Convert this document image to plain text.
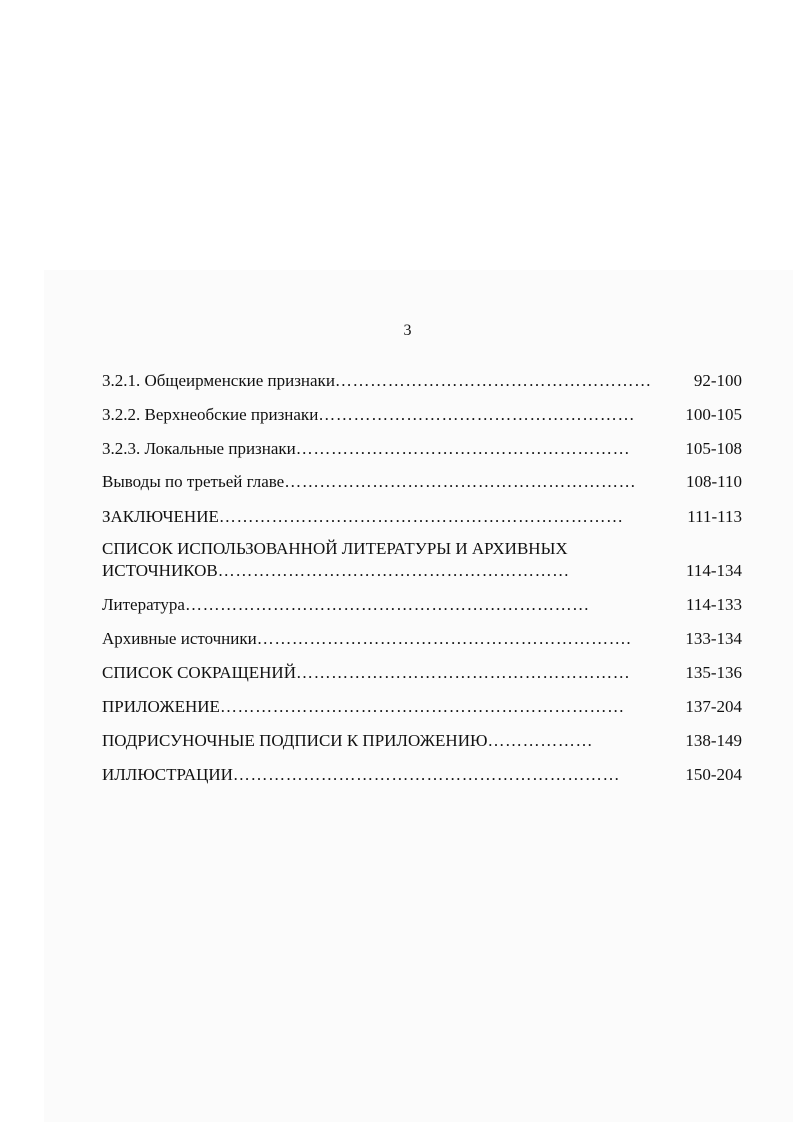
3
3.2.1. Общеирменские признаки………………………………………………	92-100
3.2.2. Верхнеобские признаки………………………………………………	100-105
3.2.3. Локальные признаки…………………………………………………	105-108
Выводы по третьей главе……………………………………………………	108-110
ЗАКЛЮЧЕНИЕ……………………………………………………………	111-113
СПИСОК ИСПОЛЬЗОВАННОЙ ЛИТЕРАТУРЫ И АРХИВНЫХ
ИСТОЧНИКОВ……………………………………………………	114-134
Литература……………………………………………………………	114-133
Архивные источники……………………………………………………….	133-134
СПИСОК СОКРАЩЕНИЙ…………………………………………………	135-136
ПРИЛОЖЕНИЕ……………………………………………………………	137-204
ПОДРИСУНОЧНЫЕ ПОДПИСИ К ПРИЛОЖЕНИЮ………………	138-149
ИЛЛЮСТРАЦИИ…………………………………………………………	150-204
